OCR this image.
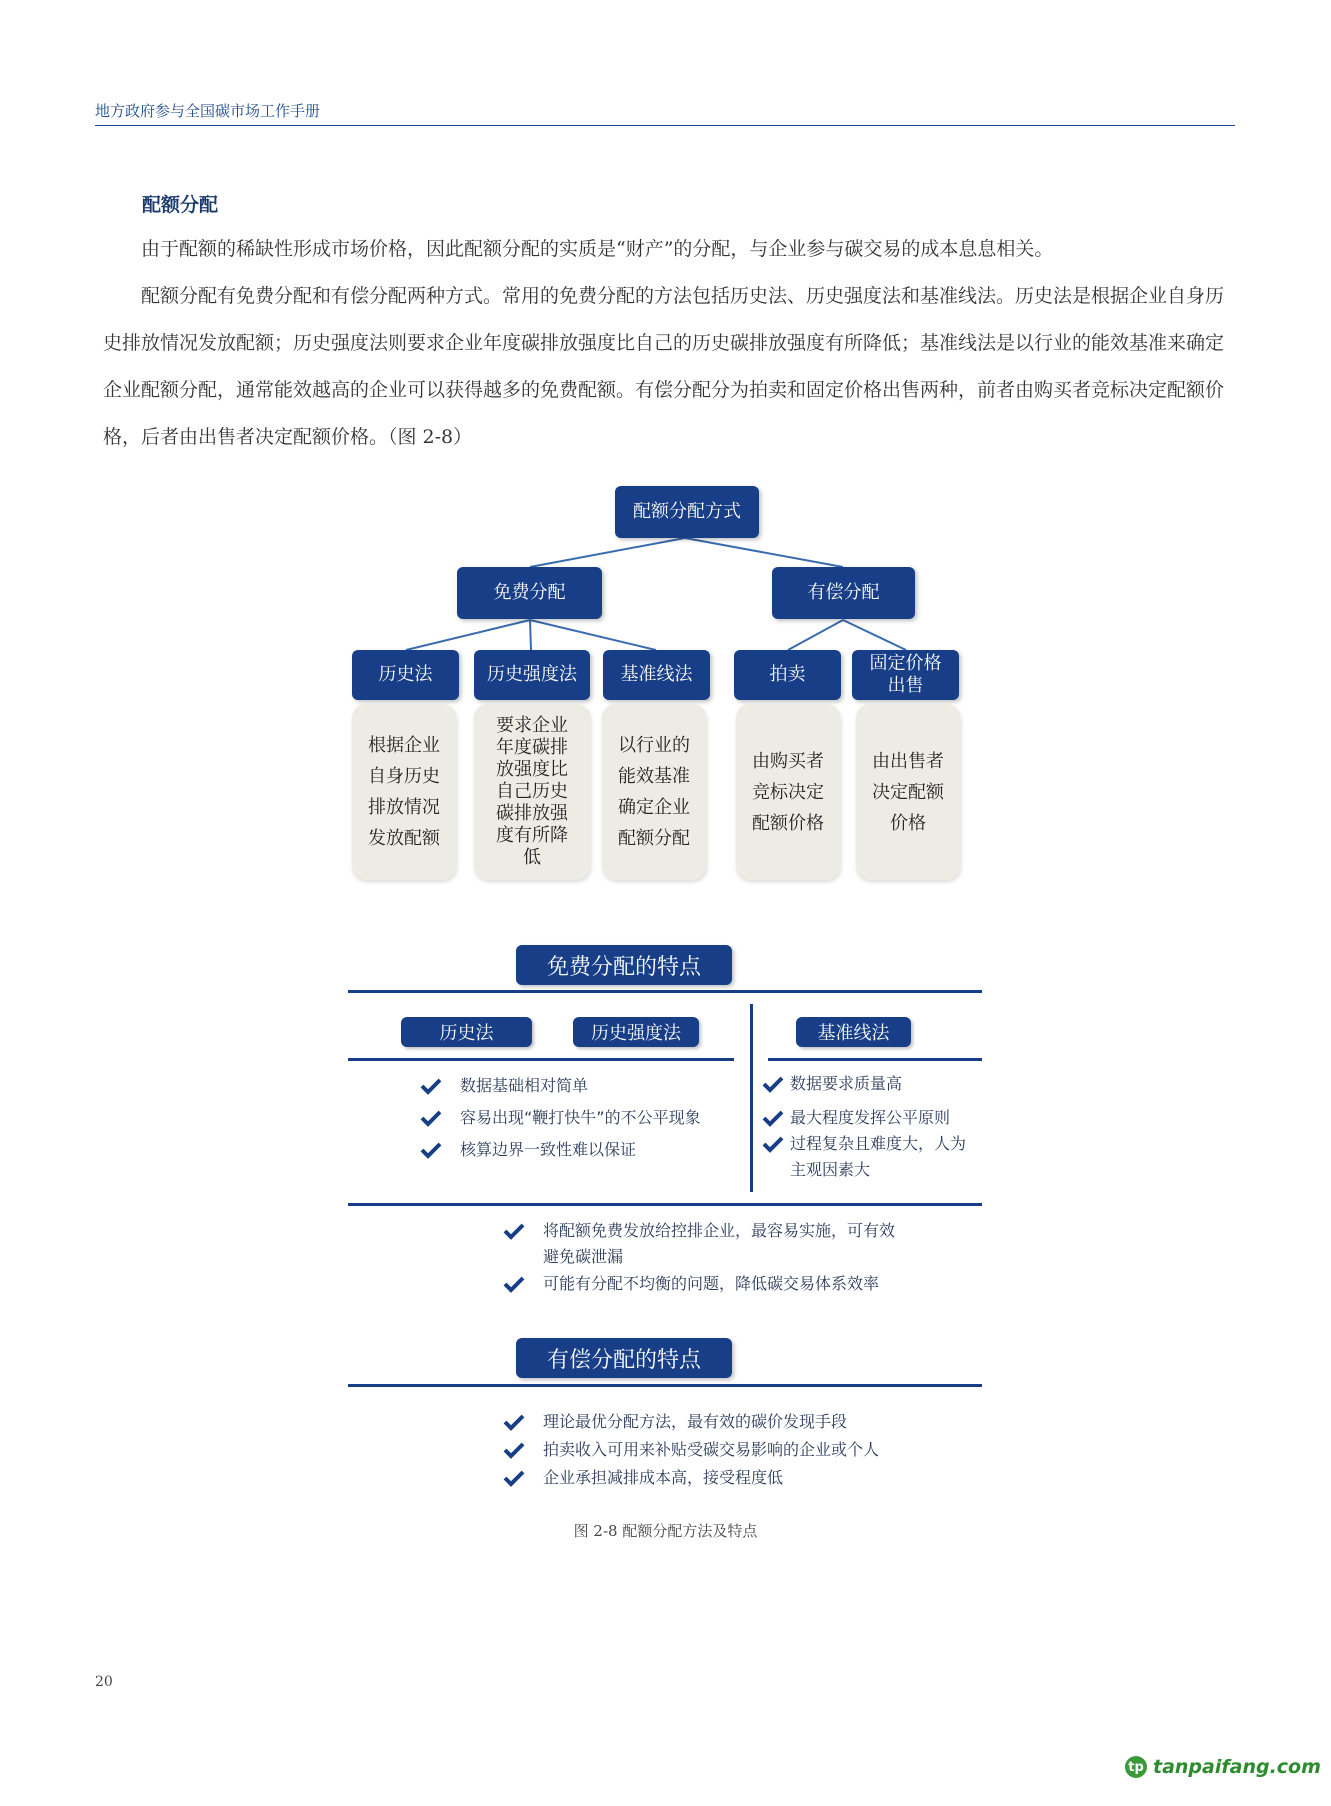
地方政府参与全国碳市场工作手册
配额分配

由于配额的稀缺性形成市场价格，因此配额分配的实质是“财产”的分配，与企业参与碳交易的成本息息相关。

配额分配有免费分配和有偿分配两种方式。常用的免费分配的方法包括历史法、历史强度法和基准线法。历史法是根据企业自身历史排放情况发放配额；历史强度法则要求企业年度碳排放强度比自己的历史碳排放强度有所降低；基准线法是以行业的能效基准来确定企业配额分配，通常能效越高的企业可以获得越多的免费配额。有偿分配分为拍卖和固定价格出售两种，前者由购买者竞标决定配额价格，后者由出售者决定配额价格。（图 2-8）

配额分配方式
免费分配	有偿分配
历史法	历史强度法	基准线法	拍卖
固定价格
出售
根据企业
自身历史
排放情况
发放配额
要求企业
年度碳排
放强度比
自己历史
碳排放强
度有所降
低
以行业的
能效基准
确定企业
配额分配
由购买者
竞标决定
配额价格
由出售者
决定配额
价格
免费分配的特点
历史法	历史强度法	基准线法
数据基础相对简单
容易出现“鞭打快牛”的不公平现象
核算边界一致性难以保证
数据要求质量高
最大程度发挥公平原则
过程复杂且难度大，人为主观因素大
将配额免费发放给控排企业，最容易实施，可有效避免碳泄漏
可能有分配不均衡的问题，降低碳交易体系效率
有偿分配的特点
理论最优分配方法，最有效的碳价发现手段
拍卖收入可用来补贴受碳交易影响的企业或个人
企业承担减排成本高，接受程度低
图 2-8 配额分配方法及特点
20
tp tanpaifang.com
